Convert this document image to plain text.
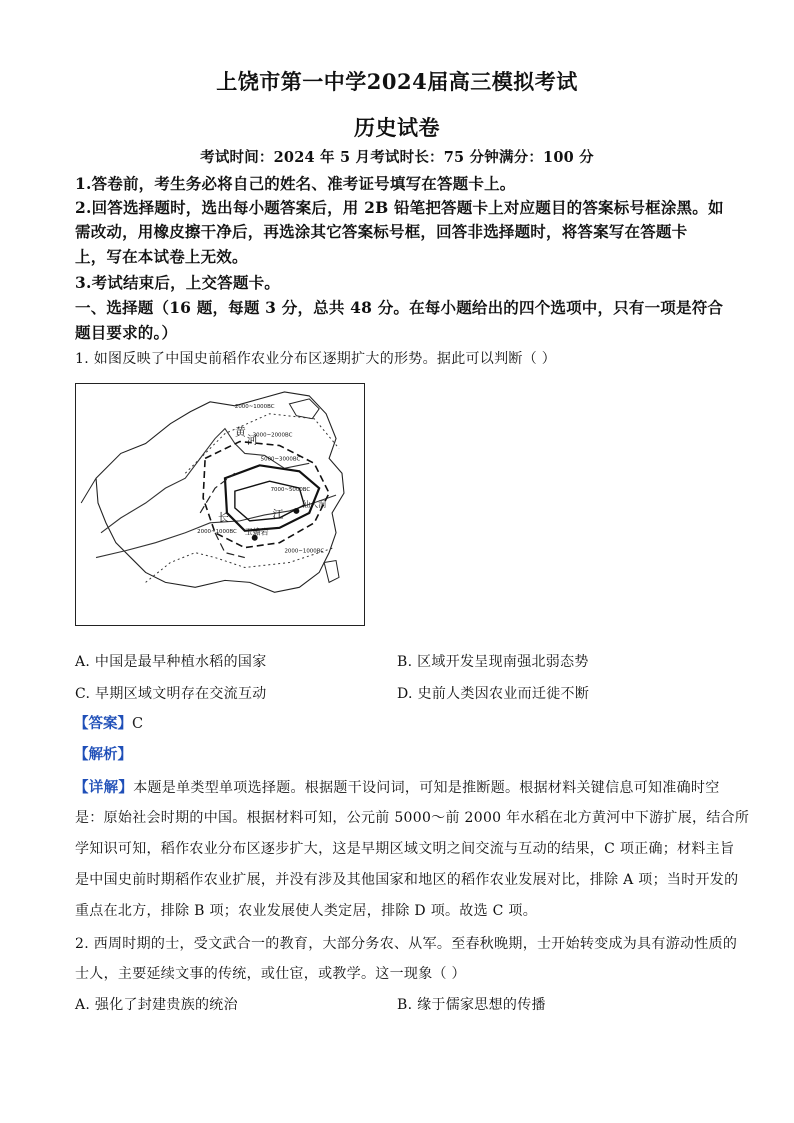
上饶市第一中学2024届高三模拟考试
历史试卷
考试时间：2024 年 5 月考试时长：75 分钟满分：100 分
1.答卷前，考生务必将自己的姓名、准考证号填写在答题卡上。
2.回答选择题时，选出每小题答案后，用 2B 铅笔把答题卡上对应题目的答案标号框涂黑。如
需改动，用橡皮擦干净后，再选涂其它答案标号框，回答非选择题时，将答案写在答题卡
上，写在本试卷上无效。
3.考试结束后，上交答题卡。
一、选择题（16 题，每题 3 分，总共 48 分。在每小题给出的四个选项中，只有一项是符合
题目要求的。）
1. 如图反映了中国史前稻作农业分布区逐期扩大的形势。据此可以判断（ ）
2000~1000BC
3000~2000BC
5000~3000BC
7000~5000BC
2000~1000BC
2000~1000BC
黄
河
长	江
仙人洞
玉蟾岩
A. 中国是最早种植水稻的国家	B. 区域开发呈现南强北弱态势
C. 早期区域文明存在交流互动	D. 史前人类因农业而迁徙不断
【答案】C
【解析】
【详解】本题是单类型单项选择题。根据题干设问词，可知是推断题。根据材料关键信息可知准确时空
是：原始社会时期的中国。根据材料可知，公元前 5000～前 2000 年水稻在北方黄河中下游扩展，结合所
学知识可知，稻作农业分布区逐步扩大，这是早期区域文明之间交流与互动的结果，C 项正确；材料主旨
是中国史前时期稻作农业扩展，并没有涉及其他国家和地区的稻作农业发展对比，排除 A 项；当时开发的
重点在北方，排除 B 项；农业发展使人类定居，排除 D 项。故选 C 项。
2. 西周时期的士，受文武合一的教育，大部分务农、从军。至春秋晚期，士开始转变成为具有游动性质的
士人，主要延续文事的传统，或仕宦，或教学。这一现象（ ）
A. 强化了封建贵族的统治	B. 缘于儒家思想的传播
